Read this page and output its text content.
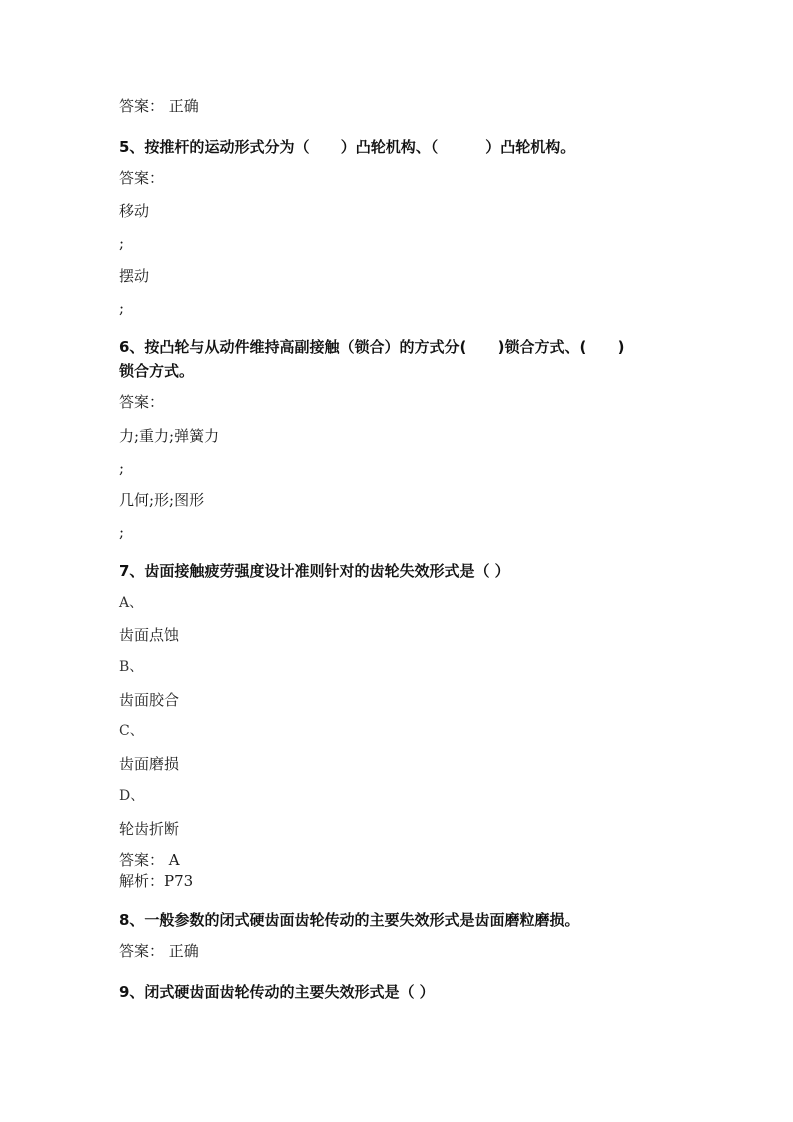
答案： 正确
5、按推杆的运动形式分为（      ）凸轮机构、（         ）凸轮机构。
答案：
移动
;
摆动
;
6、按凸轮与从动件维持高副接触（锁合）的方式分(      )锁合方式、(      )
锁合方式。
答案：
力;重力;弹簧力
;
几何;形;图形
;
7、齿面接触疲劳强度设计准则针对的齿轮失效形式是（ ）
A、
齿面点蚀
B、
齿面胶合
C、
齿面磨损
D、
轮齿折断
答案： A
解析：P73
8、一般参数的闭式硬齿面齿轮传动的主要失效形式是齿面磨粒磨损。
答案： 正确
9、闭式硬齿面齿轮传动的主要失效形式是（ ）
